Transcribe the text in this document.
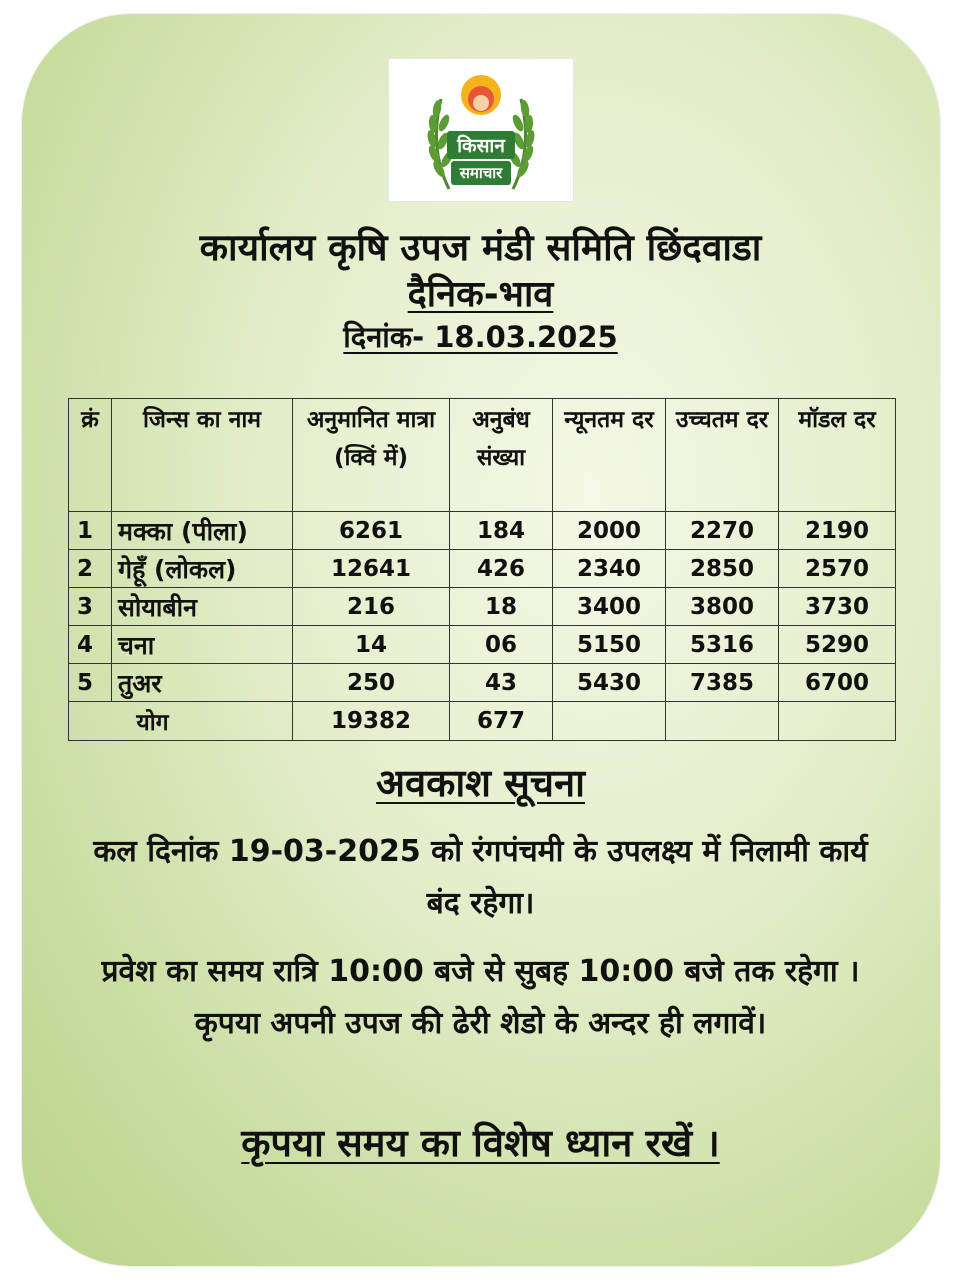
किसान
समाचार
कार्यालय कृषि उपज मंडी समिति छिंदवाडा
दैनिक-भाव
दिनांक- 18.03.2025
क्रं	जिन्स का नाम	अनुमानित मात्रा (क्विं में)	अनुबंध संख्या	न्यूनतम दर	उच्चतम दर	मॉडल दर
1	मक्का (पीला)	6261	184	2000	2270	2190
2	गेहूँ (लोकल)	12641	426	2340	2850	2570
3	सोयाबीन	216	18	3400	3800	3730
4	चना	14	06	5150	5316	5290
5	तुअर	250	43	5430	7385	6700
योग		19382	677			
अवकाश सूचना
कल दिनांक 19-03-2025 को रंगपंचमी के उपलक्ष्य में निलामी कार्य बंद रहेगा।
प्रवेश का समय रात्रि 10:00 बजे से सुबह 10:00 बजे तक रहेगा । कृपया अपनी उपज की ढेरी शेडो के अन्दर ही लगावें।
कृपया समय का विशेष ध्यान रखें ।
